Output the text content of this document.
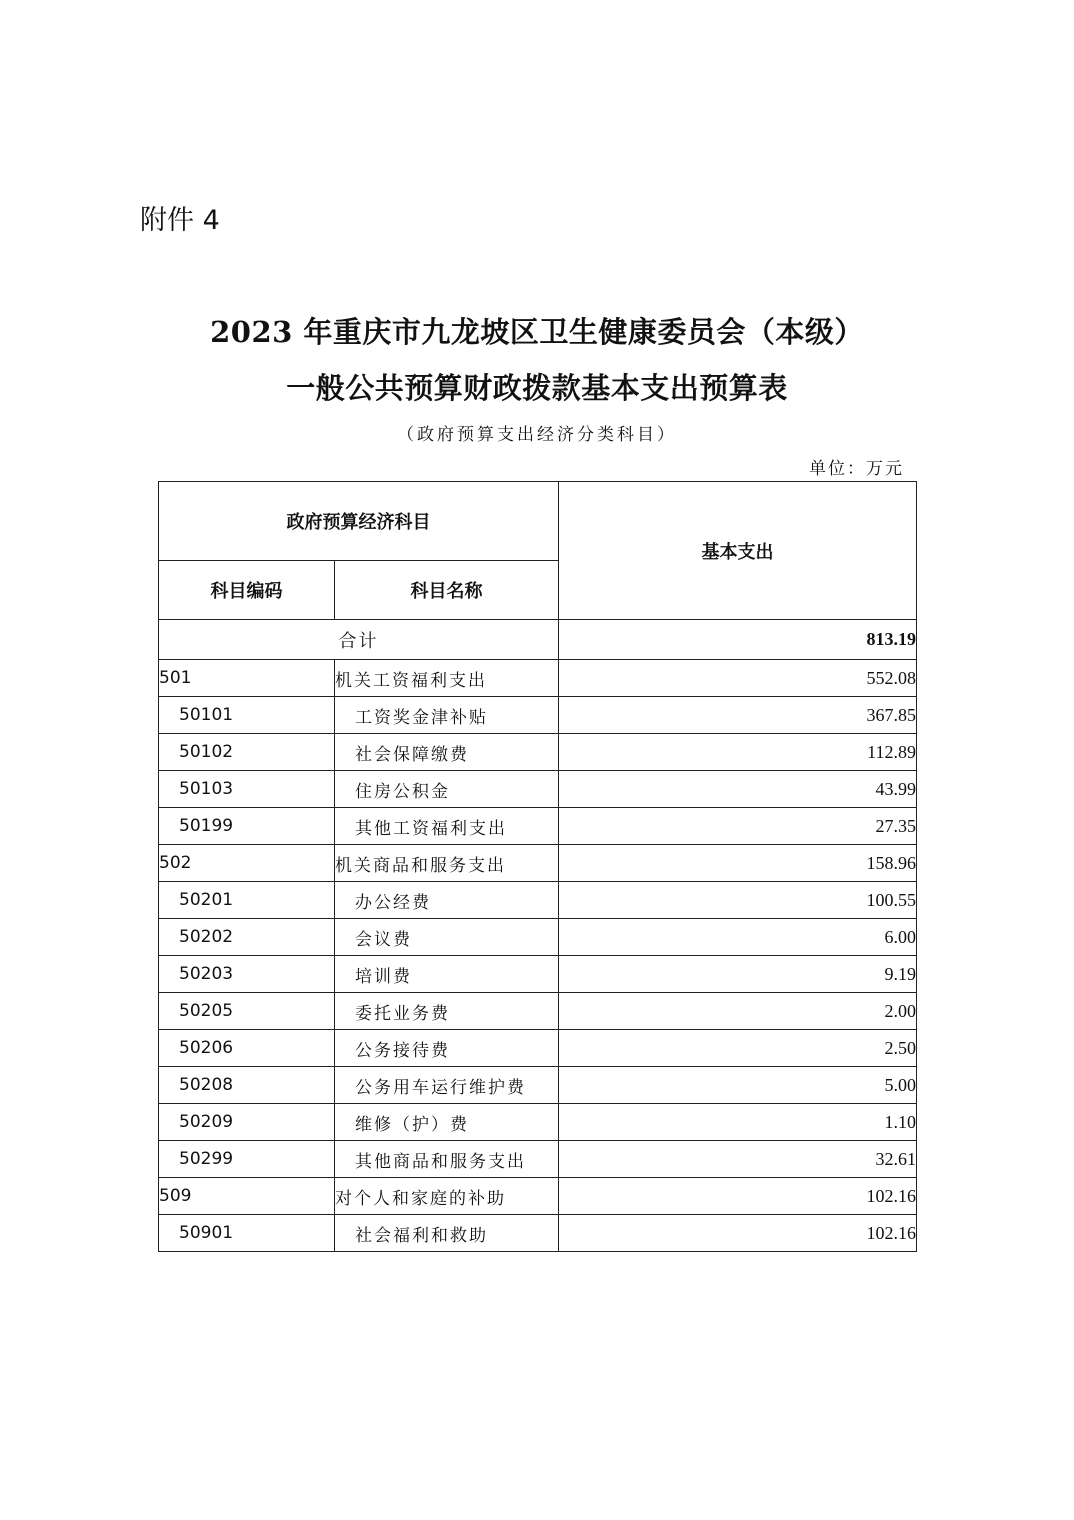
附件 4
2023 年重庆市九龙坡区卫生健康委员会（本级）
一般公共预算财政拨款基本支出预算表
（政府预算支出经济分类科目）
单位：万元
政府预算经济科目		基本支出
科目编码	科目名称	
合计		813.19
501	机关工资福利支出	552.08
50101	工资奖金津补贴	367.85
50102	社会保障缴费	112.89
50103	住房公积金	43.99
50199	其他工资福利支出	27.35
502	机关商品和服务支出	158.96
50201	办公经费	100.55
50202	会议费	6.00
50203	培训费	9.19
50205	委托业务费	2.00
50206	公务接待费	2.50
50208	公务用车运行维护费	5.00
50209	维修（护）费	1.10
50299	其他商品和服务支出	32.61
509	对个人和家庭的补助	102.16
50901	社会福利和救助	102.16
